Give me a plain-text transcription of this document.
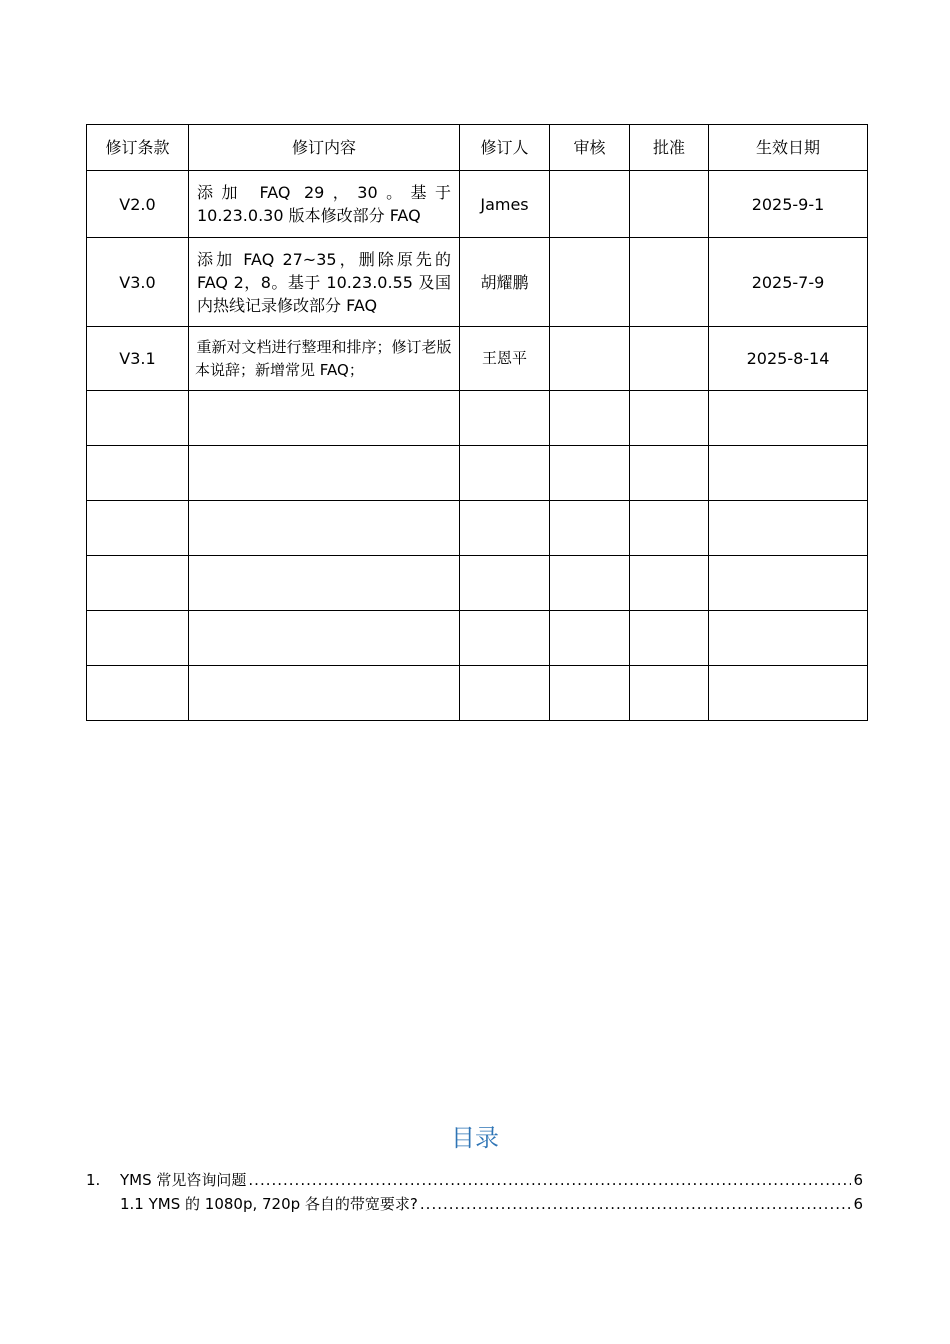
修订条款	修订内容	修订人	审核	批准	生效日期
V2.0	添加 FAQ 29，30。基于 10.23.0.30 版本修改部分 FAQ	James			2025-9-1
V3.0	添加 FAQ 27~35，删除原先的 FAQ 2，8。基于 10.23.0.55 及国内热线记录修改部分 FAQ	胡耀鹏			2025-7-9
V3.1	重新对文档进行整理和排序；修订老版本说辞；新增常见 FAQ；	王恩平			2025-8-14

目录
1.	YMS 常见咨询问题 .....	6
1.1 YMS 的 1080p, 720p 各自的带宽要求? .....	6
